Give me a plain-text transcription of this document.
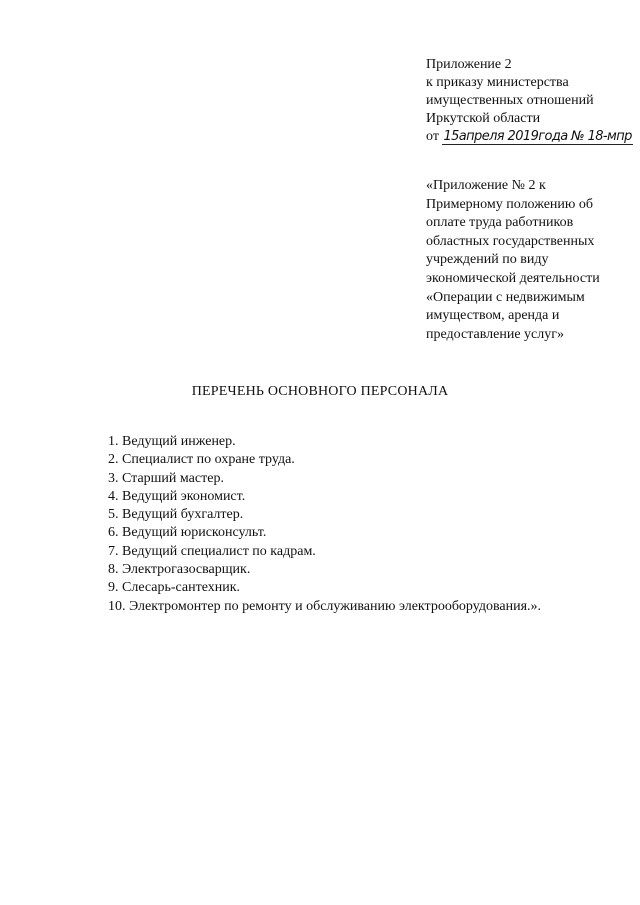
Приложение 2
к приказу министерства
имущественных отношений
Иркутской области
от 15апреля 2019года № 18-мпр
«Приложение № 2 к Примерному положению об оплате труда работников областных государственных учреждений по виду экономической деятельности «Операции с недвижимым имуществом, аренда и предоставление услуг»
ПЕРЕЧЕНЬ ОСНОВНОГО ПЕРСОНАЛА
1. Ведущий инженер.
2. Специалист по охране труда.
3. Старший мастер.
4. Ведущий экономист.
5. Ведущий бухгалтер.
6. Ведущий юрисконсульт.
7. Ведущий специалист по кадрам.
8. Электрогазосварщик.
9. Слесарь-сантехник.
10. Электромонтер по ремонту и обслуживанию электрооборудования.».
